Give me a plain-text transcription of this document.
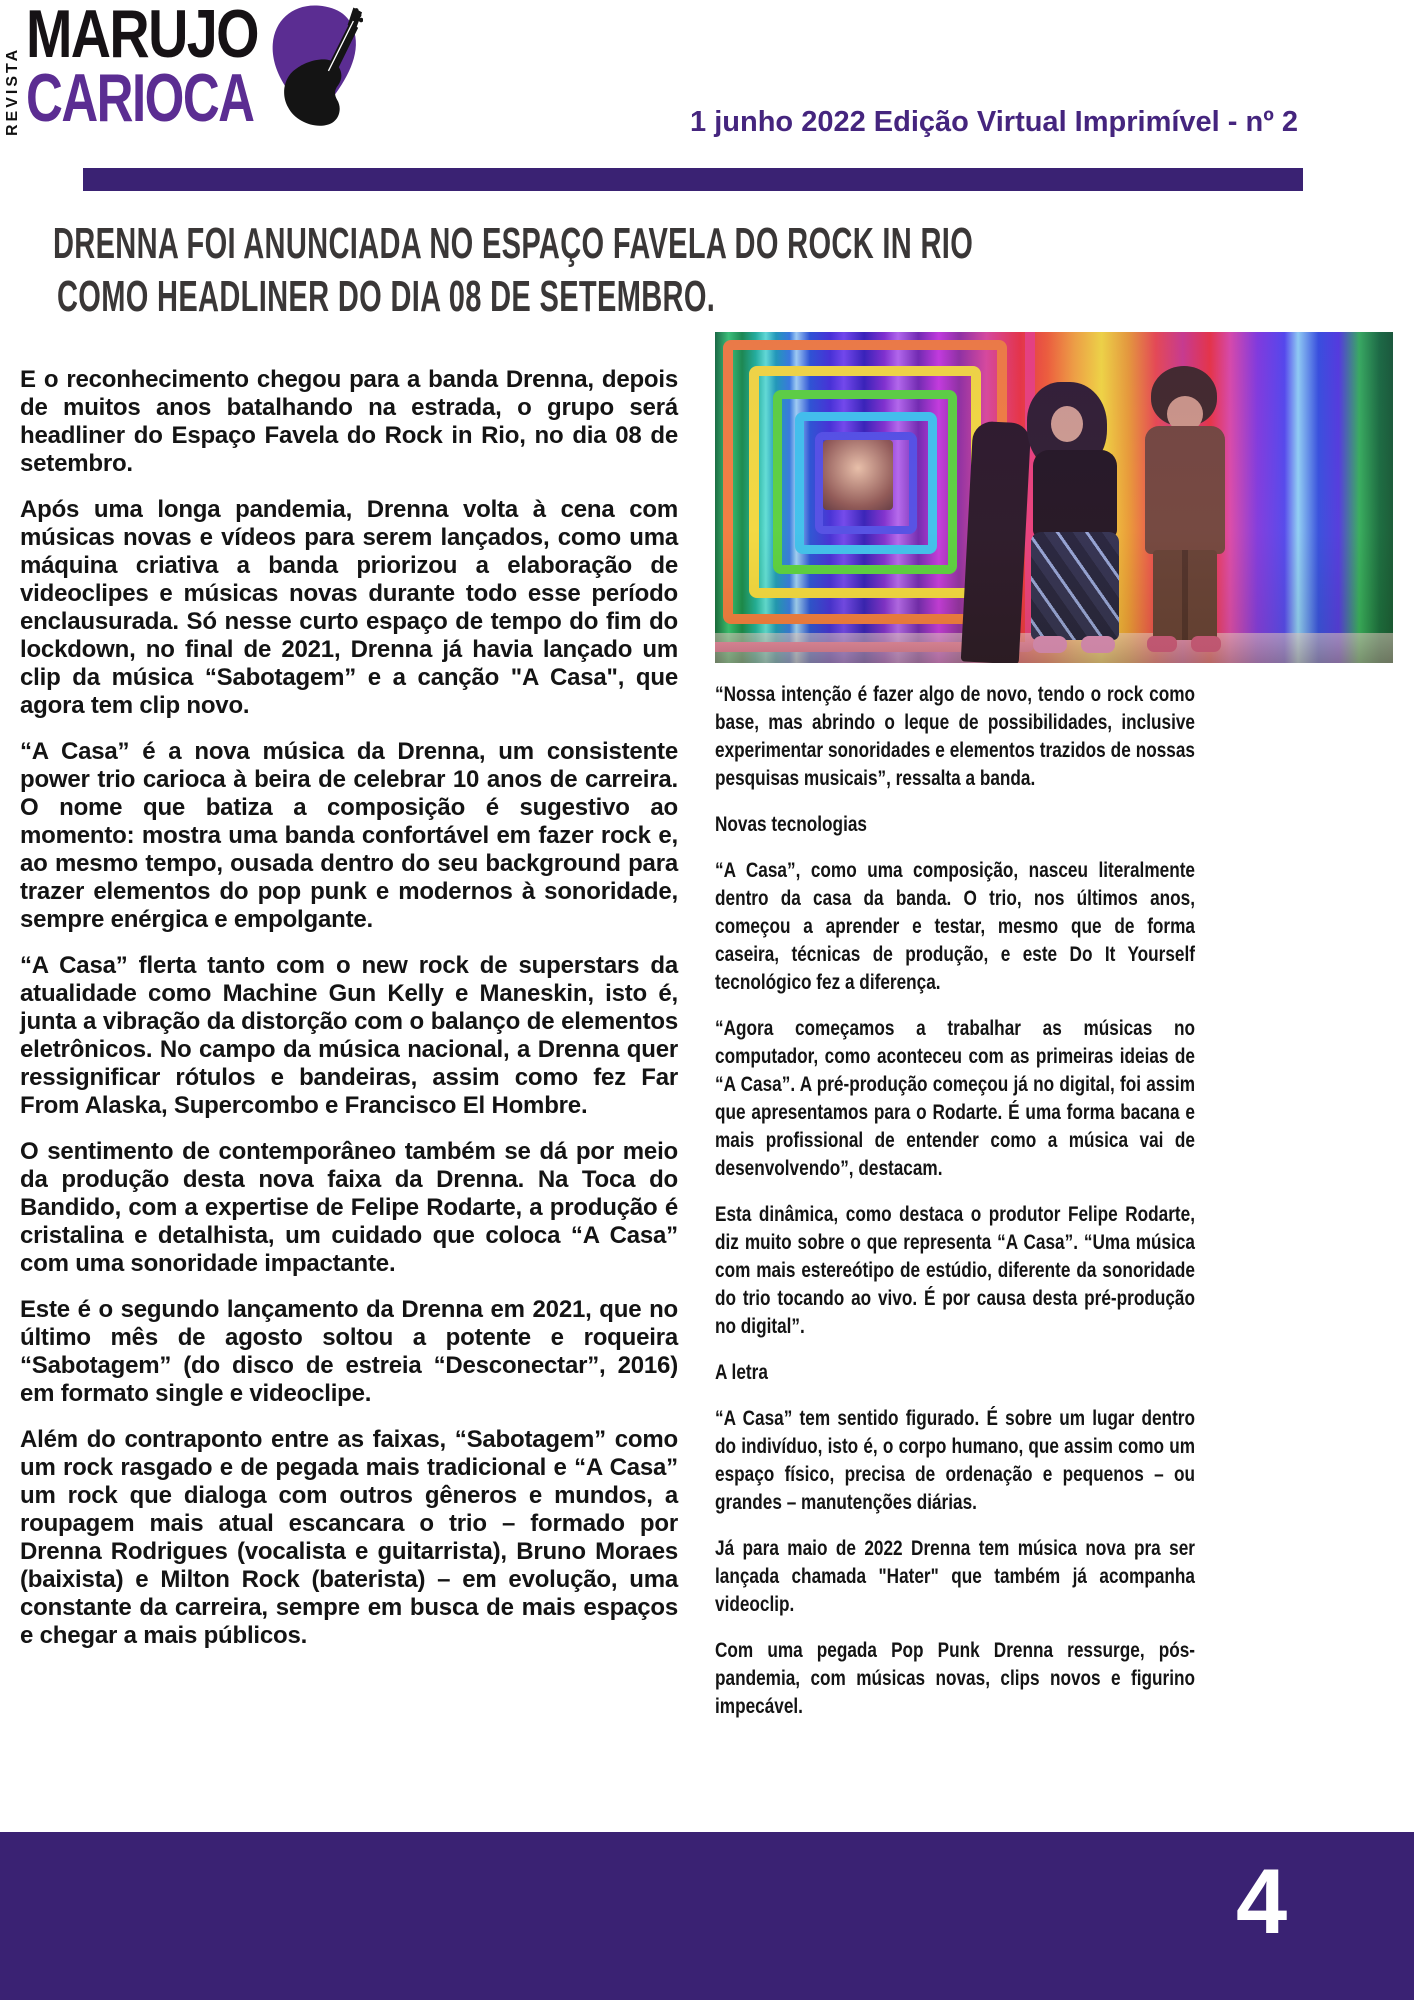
REVISTA
MARUJO
CARIOCA	1 junho 2022 Edição Virtual Imprimível - nº 2
DRENNA FOI ANUNCIADA NO ESPAÇO FAVELA DO ROCK IN RIO
COMO HEADLINER DO DIA 08 DE SETEMBRO.

E o reconhecimento chegou para a banda Drenna, depois de muitos anos batalhando na estrada, o grupo será headliner do Espaço Favela do Rock in Rio, no dia 08 de setembro.

Após uma longa pandemia, Drenna volta à cena com músicas novas e vídeos para serem lançados, como uma máquina criativa a banda priorizou a elaboração de videoclipes e músicas novas durante todo esse período enclausurada. Só nesse curto espaço de tempo do fim do lockdown, no final de 2021, Drenna já havia lançado um clip da música “Sabotagem” e a canção "A Casa", que agora tem clip novo.

“A Casa” é a nova música da Drenna, um consistente power trio carioca à beira de celebrar 10 anos de carreira. O nome que batiza a composição é sugestivo ao momento: mostra uma banda confortável em fazer rock e, ao mesmo tempo, ousada dentro do seu background para trazer elementos do pop punk e modernos à sonoridade, sempre enérgica e empolgante.

“A Casa” flerta tanto com o new rock de superstars da atualidade como Machine Gun Kelly e Maneskin, isto é, junta a vibração da distorção com o balanço de elementos eletrônicos. No campo da música nacional, a Drenna quer ressignificar rótulos e bandeiras, assim como fez Far From Alaska, Supercombo e Francisco El Hombre.

O sentimento de contemporâneo também se dá por meio da produção desta nova faixa da Drenna. Na Toca do Bandido, com a expertise de Felipe Rodarte, a produção é cristalina e detalhista, um cuidado que coloca “A Casa” com uma sonoridade impactante.

Este é o segundo lançamento da Drenna em 2021, que no último mês de agosto soltou a potente e roqueira “Sabotagem” (do disco de estreia “Desconectar”, 2016) em formato single e videoclipe.

Além do contraponto entre as faixas, “Sabotagem” como um rock rasgado e de pegada mais tradicional e “A Casa” um rock que dialoga com outros gêneros e mundos, a roupagem mais atual escancara o trio – formado por Drenna Rodrigues (vocalista e guitarrista), Bruno Moraes (baixista) e Milton Rock (baterista) – em evolução, uma constante da carreira, sempre em busca de mais espaços e chegar a mais públicos.

“Nossa intenção é fazer algo de novo, tendo o rock como base, mas abrindo o leque de possibilidades, inclusive experimentar sonoridades e elementos trazidos de nossas pesquisas musicais”, ressalta a banda.

Novas tecnologias

“A Casa”, como uma composição, nasceu literalmente dentro da casa da banda. O trio, nos últimos anos, começou a aprender e testar, mesmo que de forma caseira, técnicas de produção, e este Do It Yourself tecnológico fez a diferença.

“Agora começamos a trabalhar as músicas no computador, como aconteceu com as primeiras ideias de “A Casa”. A pré-produção começou já no digital, foi assim que apresentamos para o Rodarte. É uma forma bacana e mais profissional de entender como a música vai de desenvolvendo”, destacam.

Esta dinâmica, como destaca o produtor Felipe Rodarte, diz muito sobre o que representa “A Casa”. “Uma música com mais estereótipo de estúdio, diferente da sonoridade do trio tocando ao vivo. É por causa desta pré-produção no digital”.

A letra

“A Casa” tem sentido figurado. É sobre um lugar dentro do indivíduo, isto é, o corpo humano, que assim como um espaço físico, precisa de ordenação e pequenos – ou grandes – manutenções diárias.

Já para maio de 2022 Drenna tem música nova pra ser lançada chamada "Hater" que também já acompanha videoclip.

Com uma pegada Pop Punk Drenna ressurge, pós-pandemia, com músicas novas, clips novos e figurino impecável.

4
